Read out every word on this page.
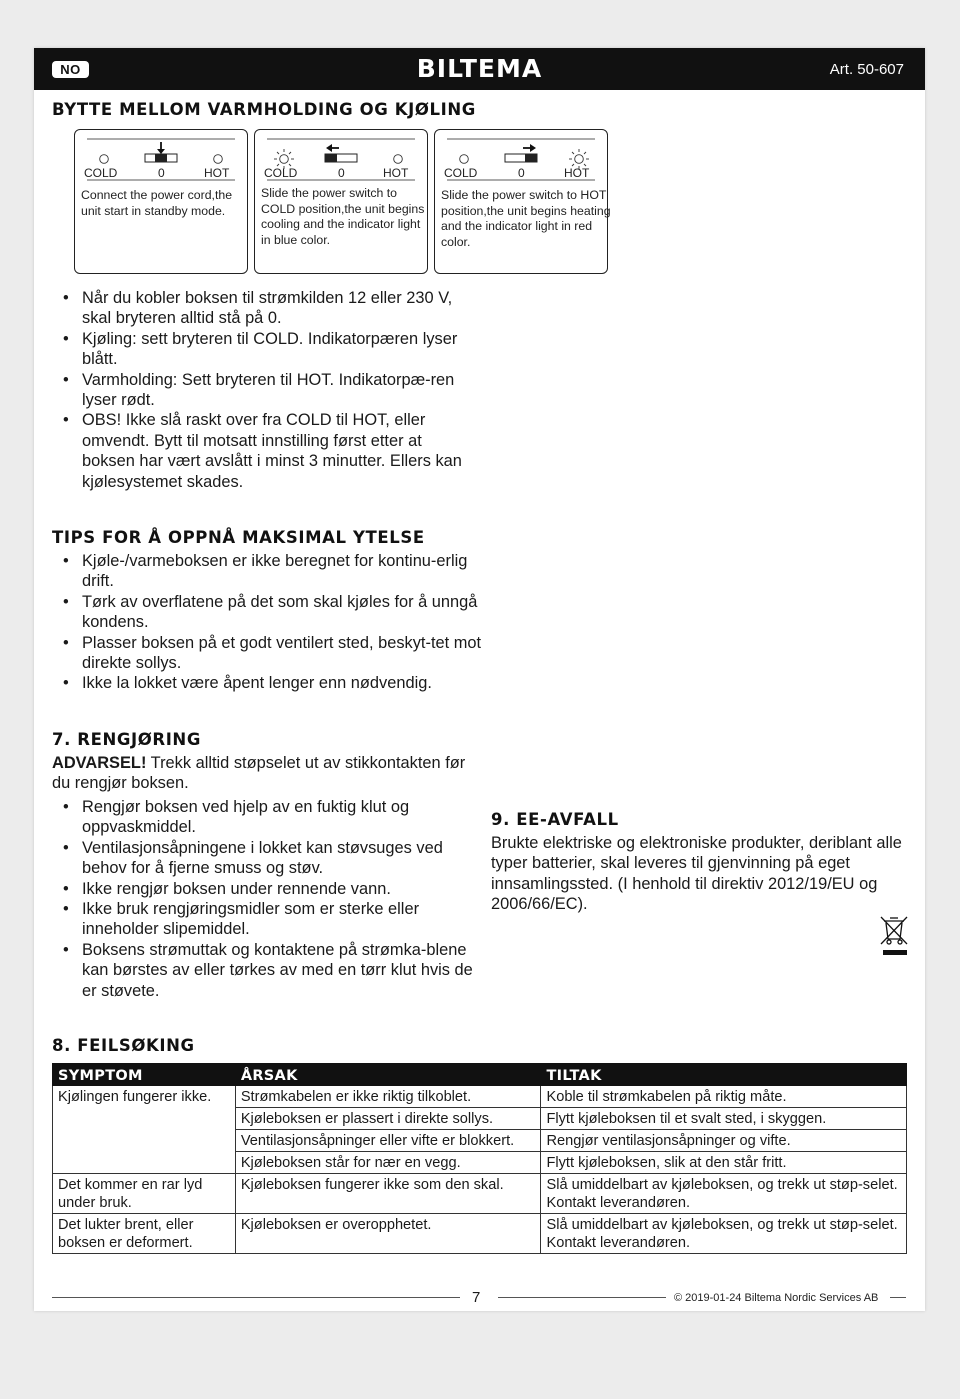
NO	BILTEMA	Art. 50-607
BYTTE MELLOM VARMHOLDING OG KJØLING
COLD	0	HOT
Connect the power cord,the unit start in standby mode.
COLD	0	HOT
Slide the power switch to COLD position,the unit begins cooling and the indicator light in blue color.
COLD	0	HOT
Slide the power switch to HOT position,the unit begins heating and the indicator light in red color.
• Når du kobler boksen til strømkilden 12 eller 230 V, skal bryteren alltid stå på 0.
• Kjøling: sett bryteren til COLD. Indikatorpæren lyser blått.
• Varmholding: Sett bryteren til HOT. Indikatorpæ-ren lyser rødt.
• OBS! Ikke slå raskt over fra COLD til HOT, eller omvendt. Bytt til motsatt innstilling først etter at boksen har vært avslått i minst 3 minutter. Ellers kan kjølesystemet skades.
TIPS FOR Å OPPNÅ MAKSIMAL YTELSE
• Kjøle-/varmeboksen er ikke beregnet for kontinu-erlig drift.
• Tørk av overflatene på det som skal kjøles for å unngå kondens.
• Plasser boksen på et godt ventilert sted, beskyt-tet mot direkte sollys.
• Ikke la lokket være åpent lenger enn nødvendig.
7. RENGJØRING
ADVARSEL! Trekk alltid støpselet ut av stikkontakten før du rengjør boksen.
• Rengjør boksen ved hjelp av en fuktig klut og oppvaskmiddel.
• Ventilasjonsåpningene i lokket kan støvsuges ved behov for å fjerne smuss og støv.
• Ikke rengjør boksen under rennende vann.
• Ikke bruk rengjøringsmidler som er sterke eller inneholder slipemiddel.
• Boksens strømuttak og kontaktene på strømka-blene kan børstes av eller tørkes av med en tørr klut hvis de er støvete.
9. EE-AVFALL
Brukte elektriske og elektroniske produkter, deriblant alle typer batterier, skal leveres til gjenvinning på eget innsamlingssted. (I henhold til direktiv 2012/19/EU og 2006/66/EC).
8. FEILSØKING
SYMPTOM	ÅRSAK	TILTAK
Kjølingen fungerer ikke.	Strømkabelen er ikke riktig tilkoblet.	Koble til strømkabelen på riktig måte.
	Kjøleboksen er plassert i direkte sollys.	Flytt kjøleboksen til et svalt sted, i skyggen.
	Ventilasjonsåpninger eller vifte er blokkert.	Rengjør ventilasjonsåpninger og vifte.
	Kjøleboksen står for nær en vegg.	Flytt kjøleboksen, slik at den står fritt.
Det kommer en rar lyd under bruk.	Kjøleboksen fungerer ikke som den skal.	Slå umiddelbart av kjøleboksen, og trekk ut støp-selet. Kontakt leverandøren.
Det lukter brent, eller boksen er deformert.	Kjøleboksen er overopphetet.	Slå umiddelbart av kjøleboksen, og trekk ut støp-selet. Kontakt leverandøren.
7	© 2019-01-24 Biltema Nordic Services AB
